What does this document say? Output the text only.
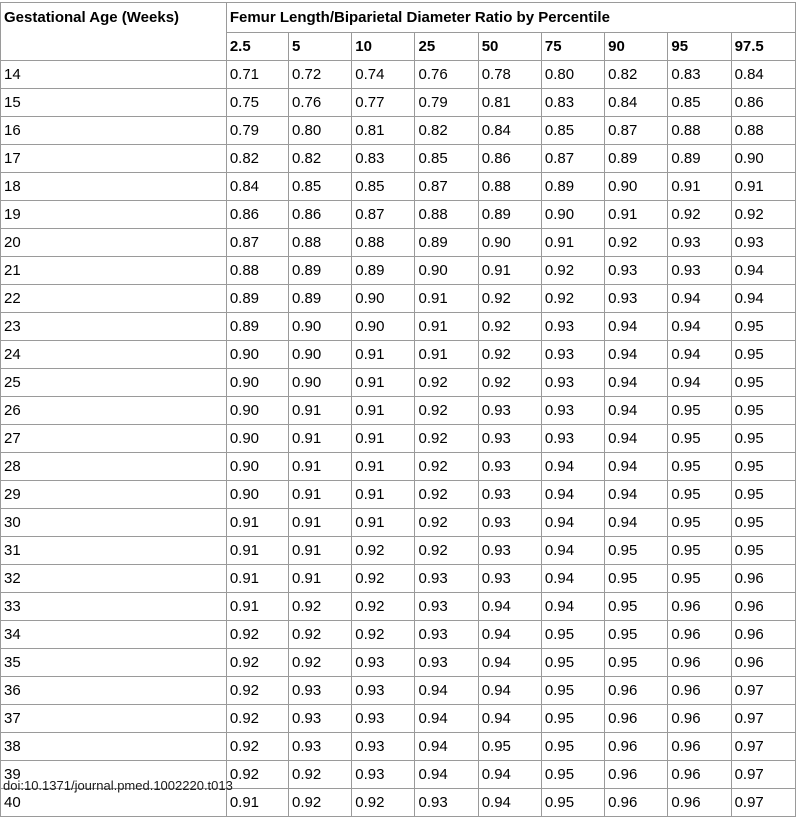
Gestational Age (Weeks)	Femur Length/Biparietal Diameter Ratio by Percentile								
	2.5	5	10	25	50	75	90	95	97.5
14	0.71	0.72	0.74	0.76	0.78	0.80	0.82	0.83	0.84
15	0.75	0.76	0.77	0.79	0.81	0.83	0.84	0.85	0.86
16	0.79	0.80	0.81	0.82	0.84	0.85	0.87	0.88	0.88
17	0.82	0.82	0.83	0.85	0.86	0.87	0.89	0.89	0.90
18	0.84	0.85	0.85	0.87	0.88	0.89	0.90	0.91	0.91
19	0.86	0.86	0.87	0.88	0.89	0.90	0.91	0.92	0.92
20	0.87	0.88	0.88	0.89	0.90	0.91	0.92	0.93	0.93
21	0.88	0.89	0.89	0.90	0.91	0.92	0.93	0.93	0.94
22	0.89	0.89	0.90	0.91	0.92	0.92	0.93	0.94	0.94
23	0.89	0.90	0.90	0.91	0.92	0.93	0.94	0.94	0.95
24	0.90	0.90	0.91	0.91	0.92	0.93	0.94	0.94	0.95
25	0.90	0.90	0.91	0.92	0.92	0.93	0.94	0.94	0.95
26	0.90	0.91	0.91	0.92	0.93	0.93	0.94	0.95	0.95
27	0.90	0.91	0.91	0.92	0.93	0.93	0.94	0.95	0.95
28	0.90	0.91	0.91	0.92	0.93	0.94	0.94	0.95	0.95
29	0.90	0.91	0.91	0.92	0.93	0.94	0.94	0.95	0.95
30	0.91	0.91	0.91	0.92	0.93	0.94	0.94	0.95	0.95
31	0.91	0.91	0.92	0.92	0.93	0.94	0.95	0.95	0.95
32	0.91	0.91	0.92	0.93	0.93	0.94	0.95	0.95	0.96
33	0.91	0.92	0.92	0.93	0.94	0.94	0.95	0.96	0.96
34	0.92	0.92	0.92	0.93	0.94	0.95	0.95	0.96	0.96
35	0.92	0.92	0.93	0.93	0.94	0.95	0.95	0.96	0.96
36	0.92	0.93	0.93	0.94	0.94	0.95	0.96	0.96	0.97
37	0.92	0.93	0.93	0.94	0.94	0.95	0.96	0.96	0.97
38	0.92	0.93	0.93	0.94	0.95	0.95	0.96	0.96	0.97
39	0.92	0.92	0.93	0.94	0.94	0.95	0.96	0.96	0.97
40	0.91	0.92	0.92	0.93	0.94	0.95	0.96	0.96	0.97
doi:10.1371/journal.pmed.1002220.t013
